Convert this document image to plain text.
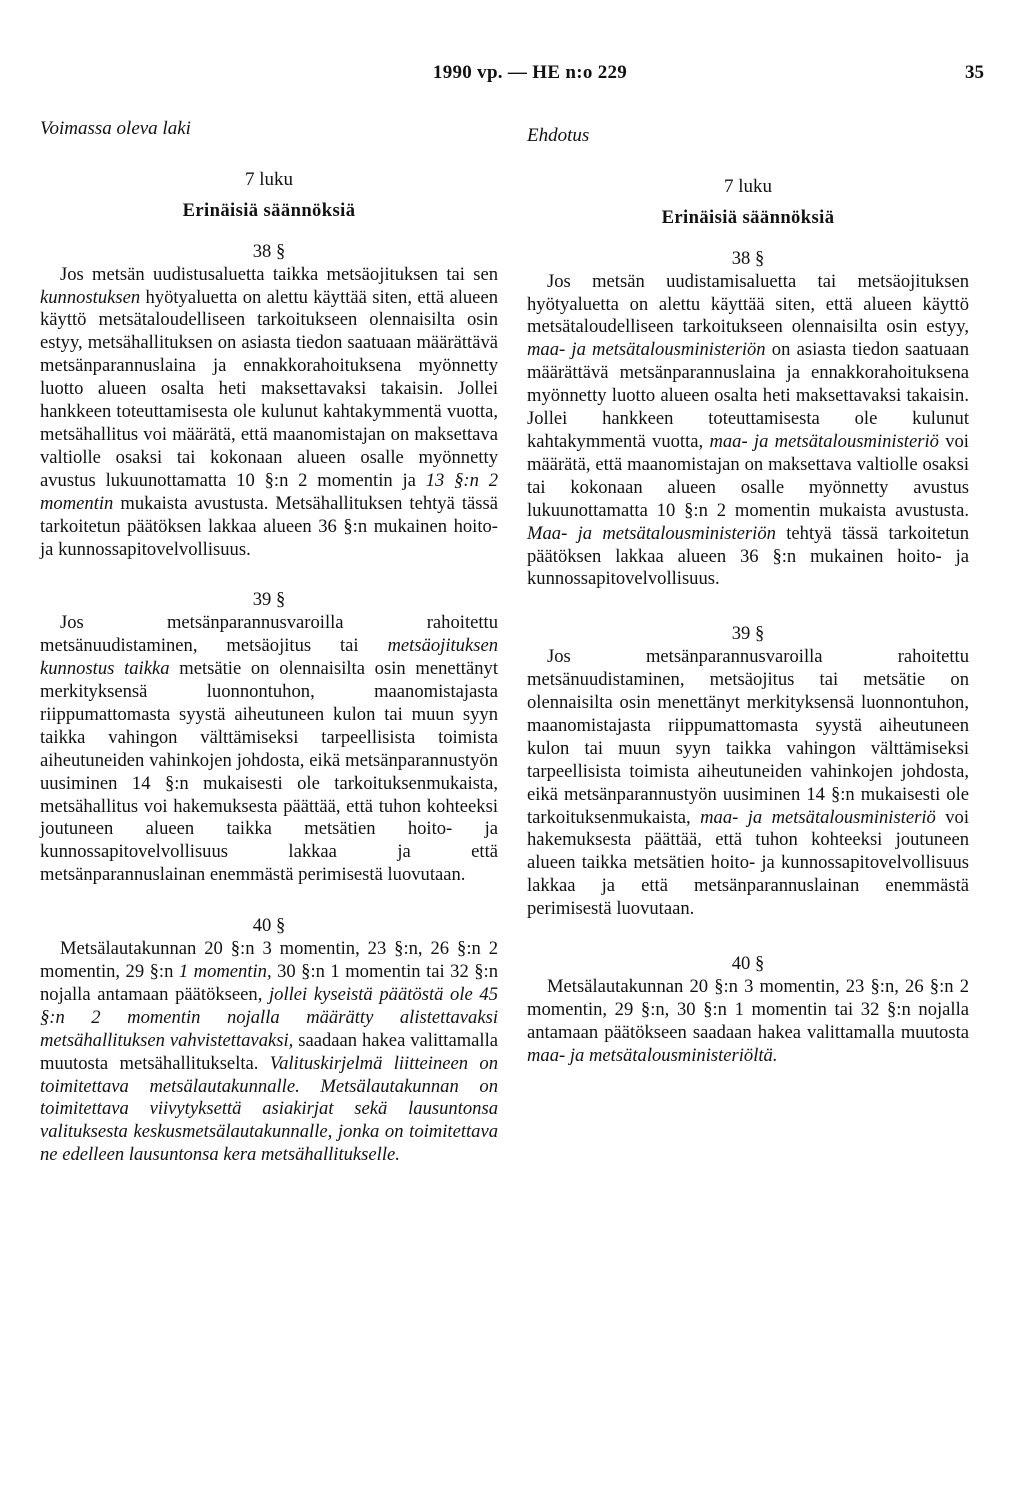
1990 vp. — HE n:o 229	35
Voimassa oleva laki
7 luku
Erinäisiä säännöksiä
38 §

Jos metsän uudistusaluetta taikka metsäojituksen tai sen kunnostuksen hyötyaluetta on alettu käyttää siten, että alueen käyttö metsätaloudelliseen tarkoitukseen olennaisilta osin estyy, metsähallituksen on asiasta tiedon saatuaan määrättävä metsänparannuslaina ja ennakkorahoituksena myönnetty luotto alueen osalta heti maksettavaksi takaisin. Jollei hankkeen toteuttamisesta ole kulunut kahtakymmentä vuotta, metsähallitus voi määrätä, että maanomistajan on maksettava valtiolle osaksi tai kokonaan alueen osalle myönnetty avustus lukuunottamatta 10 §:n 2 momentin ja 13 §:n 2 momentin mukaista avustusta. Metsähallituksen tehtyä tässä tarkoitetun päätöksen lakkaa alueen 36 §:n mukainen hoito- ja kunnossapitovelvollisuus.

39 §

Jos metsänparannusvaroilla rahoitettu metsänuudistaminen, metsäojitus tai metsäojituksen kunnostus taikka metsätie on olennaisilta osin menettänyt merkityksensä luonnontuhon, maanomistajasta riippumattomasta syystä aiheutuneen kulon tai muun syyn taikka vahingon välttämiseksi tarpeellisista toimista aiheutuneiden vahinkojen johdosta, eikä metsänparannustyön uusiminen 14 §:n mukaisesti ole tarkoituksenmukaista, metsähallitus voi hakemuksesta päättää, että tuhon kohteeksi joutuneen alueen taikka metsätien hoito- ja kunnossapitovelvollisuus lakkaa ja että metsänparannuslainan enemmästä perimisestä luovutaan.

40 §

Metsälautakunnan 20 §:n 3 momentin, 23 §:n, 26 §:n 2 momentin, 29 §:n 1 momentin, 30 §:n 1 momentin tai 32 §:n nojalla antamaan päätökseen, jollei kyseistä päätöstä ole 45 §:n 2 momentin nojalla määrätty alistettavaksi metsähallituksen vahvistettavaksi, saadaan hakea valittamalla muutosta metsähallitukselta. Valituskirjelmä liitteineen on toimitettava metsälautakunnalle. Metsälautakunnan on toimitettava viivytyksettä asiakirjat sekä lausuntonsa valituksesta keskusmetsälautakunnalle, jonka on toimitettava ne edelleen lausuntonsa kera metsähallitukselle.

Ehdotus
7 luku
Erinäisiä säännöksiä
38 §

Jos metsän uudistamisaluetta tai metsäojituksen hyötyaluetta on alettu käyttää siten, että alueen käyttö metsätaloudelliseen tarkoitukseen olennaisilta osin estyy, maa- ja metsätalousministeriön on asiasta tiedon saatuaan määrättävä metsänparannuslaina ja ennakkorahoituksena myönnetty luotto alueen osalta heti maksettavaksi takaisin. Jollei hankkeen toteuttamisesta ole kulunut kahtakymmentä vuotta, maa- ja metsätalousministeriö voi määrätä, että maanomistajan on maksettava valtiolle osaksi tai kokonaan alueen osalle myönnetty avustus lukuunottamatta 10 §:n 2 momentin mukaista avustusta. Maa- ja metsätalousministeriön tehtyä tässä tarkoitetun päätöksen lakkaa alueen 36 §:n mukainen hoito- ja kunnossapitovelvollisuus.

39 §

Jos metsänparannusvaroilla rahoitettu metsänuudistaminen, metsäojitus tai metsätie on olennaisilta osin menettänyt merkityksensä luonnontuhon, maanomistajasta riippumattomasta syystä aiheutuneen kulon tai muun syyn taikka vahingon välttämiseksi tarpeellisista toimista aiheutuneiden vahinkojen johdosta, eikä metsänparannustyön uusiminen 14 §:n mukaisesti ole tarkoituksenmukaista, maa- ja metsätalousministeriö voi hakemuksesta päättää, että tuhon kohteeksi joutuneen alueen taikka metsätien hoito- ja kunnossapitovelvollisuus lakkaa ja että metsänparannuslainan enemmästä perimisestä luovutaan.

40 §

Metsälautakunnan 20 §:n 3 momentin, 23 §:n, 26 §:n 2 momentin, 29 §:n, 30 §:n 1 momentin tai 32 §:n nojalla antamaan päätökseen saadaan hakea valittamalla muutosta maa- ja metsätalousministeriöltä.
